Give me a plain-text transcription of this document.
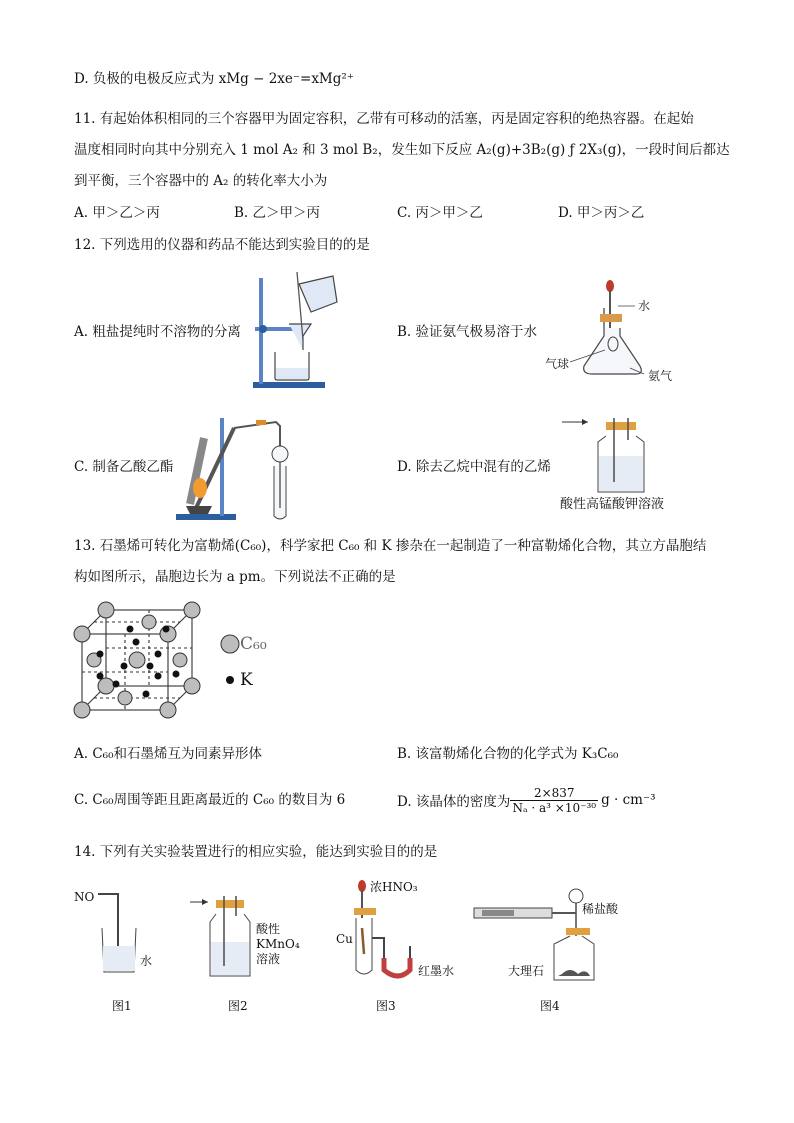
D. 负极的电极反应式为 xMg − 2xe⁻=xMg²⁺
11. 有起始体积相同的三个容器甲为固定容积，乙带有可移动的活塞，丙是固定容积的绝热容器。在起始
温度相同时向其中分别充入 1 mol A₂ 和 3 mol B₂，发生如下反应 A₂(g)+3B₂(g) ƒ 2X₃(g)，一段时间后都达
到平衡，三个容器中的 A₂ 的转化率大小为
A. 甲＞乙＞丙	B. 乙＞甲＞丙	C. 丙＞甲＞乙	D. 甲＞丙＞乙
12. 下列选用的仪器和药品不能达到实验目的的是
A. 粗盐提纯时不溶物的分离	B. 验证氨气极易溶于水
C. 制备乙酸乙酯	D. 除去乙烷中混有的乙烯
水
气球
氨气
酸性高锰酸钾溶液
13. 石墨烯可转化为富勒烯(C₆₀)，科学家把 C₆₀ 和 K 掺杂在一起制造了一种富勒烯化合物，其立方晶胞结
构如图所示，晶胞边长为 a pm。下列说法不正确的是
C₆₀
K
A. C₆₀和石墨烯互为同素异形体	B. 该富勒烯化合物的化学式为 K₃C₆₀
C. C₆₀周围等距且距离最近的 C₆₀ 的数目为 6	D. 该晶体的密度为 $\frac{2\times 837}{\text{Nₐ · a³ ×10⁻³⁰}}$ g · cm⁻³
14. 下列有关实验装置进行的相应实验，能达到实验目的的是
NO
水
图1
酸性
KMnO₄
溶液
图2
浓HNO₃
Cu
红墨水
图3
稀盐酸
大理石
图4
